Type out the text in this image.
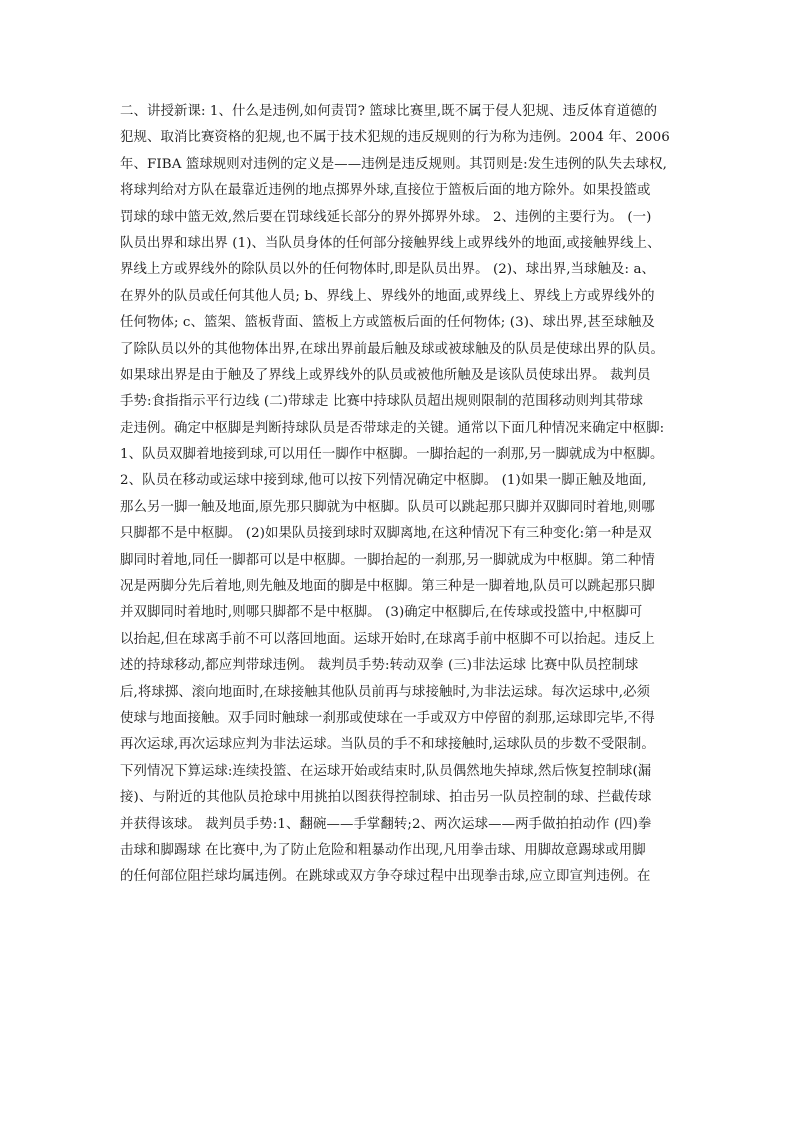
二、讲授新课: 1、什么是违例,如何责罚? 篮球比赛里,既不属于侵人犯规、违反体育道德的
犯规、取消比赛资格的犯规,也不属于技术犯规的违反规则的行为称为违例。2004 年、2006
年、FIBA 篮球规则对违例的定义是——违例是违反规则。其罚则是:发生违例的队失去球权,
将球判给对方队在最靠近违例的地点掷界外球,直接位于篮板后面的地方除外。如果投篮或
罚球的球中篮无效,然后要在罚球线延长部分的界外掷界外球。 2、违例的主要行为。 (一)
队员出界和球出界 (1)、当队员身体的任何部分接触界线上或界线外的地面,或接触界线上、
界线上方或界线外的除队员以外的任何物体时,即是队员出界。 (2)、球出界,当球触及: a、
在界外的队员或任何其他人员; b、界线上、界线外的地面,或界线上、界线上方或界线外的
任何物体; c、篮架、篮板背面、篮板上方或篮板后面的任何物体; (3)、球出界,甚至球触及
了除队员以外的其他物体出界,在球出界前最后触及球或被球触及的队员是使球出界的队员。
如果球出界是由于触及了界线上或界线外的队员或被他所触及是该队员使球出界。 裁判员
手势:食指指示平行边线 (二)带球走 比赛中持球队员超出规则限制的范围移动则判其带球
走违例。确定中枢脚是判断持球队员是否带球走的关键。通常以下面几种情况来确定中枢脚:
1、队员双脚着地接到球,可以用任一脚作中枢脚。一脚抬起的一刹那,另一脚就成为中枢脚。
2、队员在移动或运球中接到球,他可以按下列情况确定中枢脚。 (1)如果一脚正触及地面,
那么另一脚一触及地面,原先那只脚就为中枢脚。队员可以跳起那只脚并双脚同时着地,则哪
只脚都不是中枢脚。 (2)如果队员接到球时双脚离地,在这种情况下有三种变化:第一种是双
脚同时着地,同任一脚都可以是中枢脚。一脚抬起的一刹那,另一脚就成为中枢脚。第二种情
况是两脚分先后着地,则先触及地面的脚是中枢脚。第三种是一脚着地,队员可以跳起那只脚
并双脚同时着地时,则哪只脚都不是中枢脚。 (3)确定中枢脚后,在传球或投篮中,中枢脚可
以抬起,但在球离手前不可以落回地面。运球开始时,在球离手前中枢脚不可以抬起。违反上
述的持球移动,都应判带球违例。 裁判员手势:转动双拳 (三)非法运球 比赛中队员控制球
后,将球掷、滚向地面时,在球接触其他队员前再与球接触时,为非法运球。每次运球中,必须
使球与地面接触。双手同时触球一刹那或使球在一手或双方中停留的刹那,运球即完毕,不得
再次运球,再次运球应判为非法运球。当队员的手不和球接触时,运球队员的步数不受限制。
下列情况下算运球:连续投篮、在运球开始或结束时,队员偶然地失掉球,然后恢复控制球(漏
接)、与附近的其他队员抢球中用挑拍以图获得控制球、拍击另一队员控制的球、拦截传球
并获得该球。 裁判员手势:1、翻碗——手掌翻转;2、两次运球——两手做拍拍动作 (四)拳
击球和脚踢球 在比赛中,为了防止危险和粗暴动作出现,凡用拳击球、用脚故意踢球或用脚
的任何部位阻拦球均属违例。在跳球或双方争夺球过程中出现拳击球,应立即宣判违例。在
